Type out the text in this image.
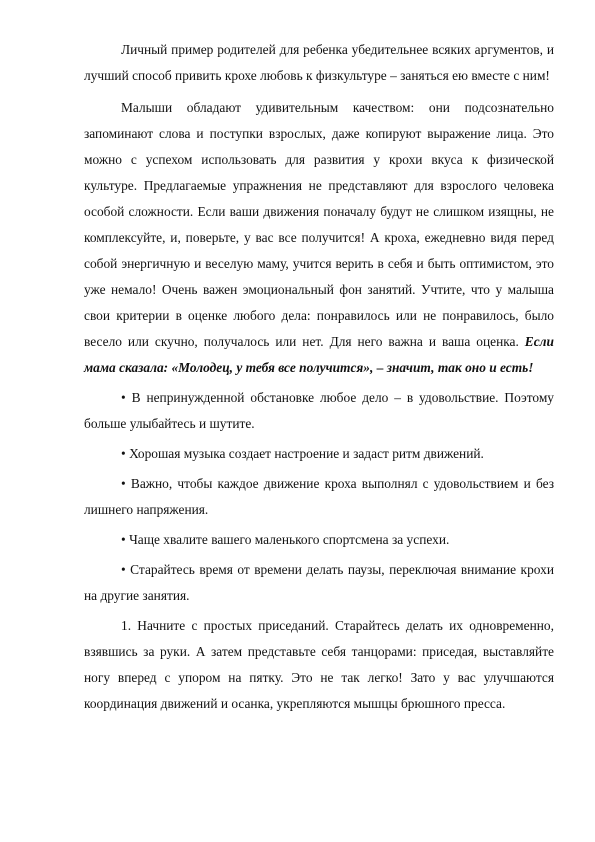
Личный пример родителей для ребенка убедительнее всяких аргументов, и лучший способ привить крохе любовь к физкультуре – заняться ею вместе с ним!

Малыши обладают удивительным качеством: они подсознательно запоминают слова и поступки взрослых, даже копируют выражение лица. Это можно с успехом использовать для развития у крохи вкуса к физической культуре. Предлагаемые упражнения не представляют для взрослого человека особой сложности. Если ваши движения поначалу будут не слишком изящны, не комплексуйте, и, поверьте, у вас все получится! А кроха, ежедневно видя перед собой энергичную и веселую маму, учится верить в себя и быть оптимистом, это уже немало! Очень важен эмоциональный фон занятий. Учтите, что у малыша свои критерии в оценке любого дела: понравилось или не понравилось, было весело или скучно, получалось или нет. Для него важна и ваша оценка. Если мама сказала: «Молодец, у тебя все получится», – значит, так оно и есть!

• В непринужденной обстановке любое дело – в удовольствие. Поэтому больше улыбайтесь и шутите.

• Хорошая музыка создает настроение и задаст ритм движений.

• Важно, чтобы каждое движение кроха выполнял с удовольствием и без лишнего напряжения.

• Чаще хвалите вашего маленького спортсмена за успехи.

• Старайтесь время от времени делать паузы, переключая внимание крохи на другие занятия.

1. Начните с простых приседаний. Старайтесь делать их одновременно, взявшись за руки. А затем представьте себя танцорами: приседая, выставляйте ногу вперед с упором на пятку. Это не так легко! Зато у вас улучшаются координация движений и осанка, укрепляются мышцы брюшного пресса.
